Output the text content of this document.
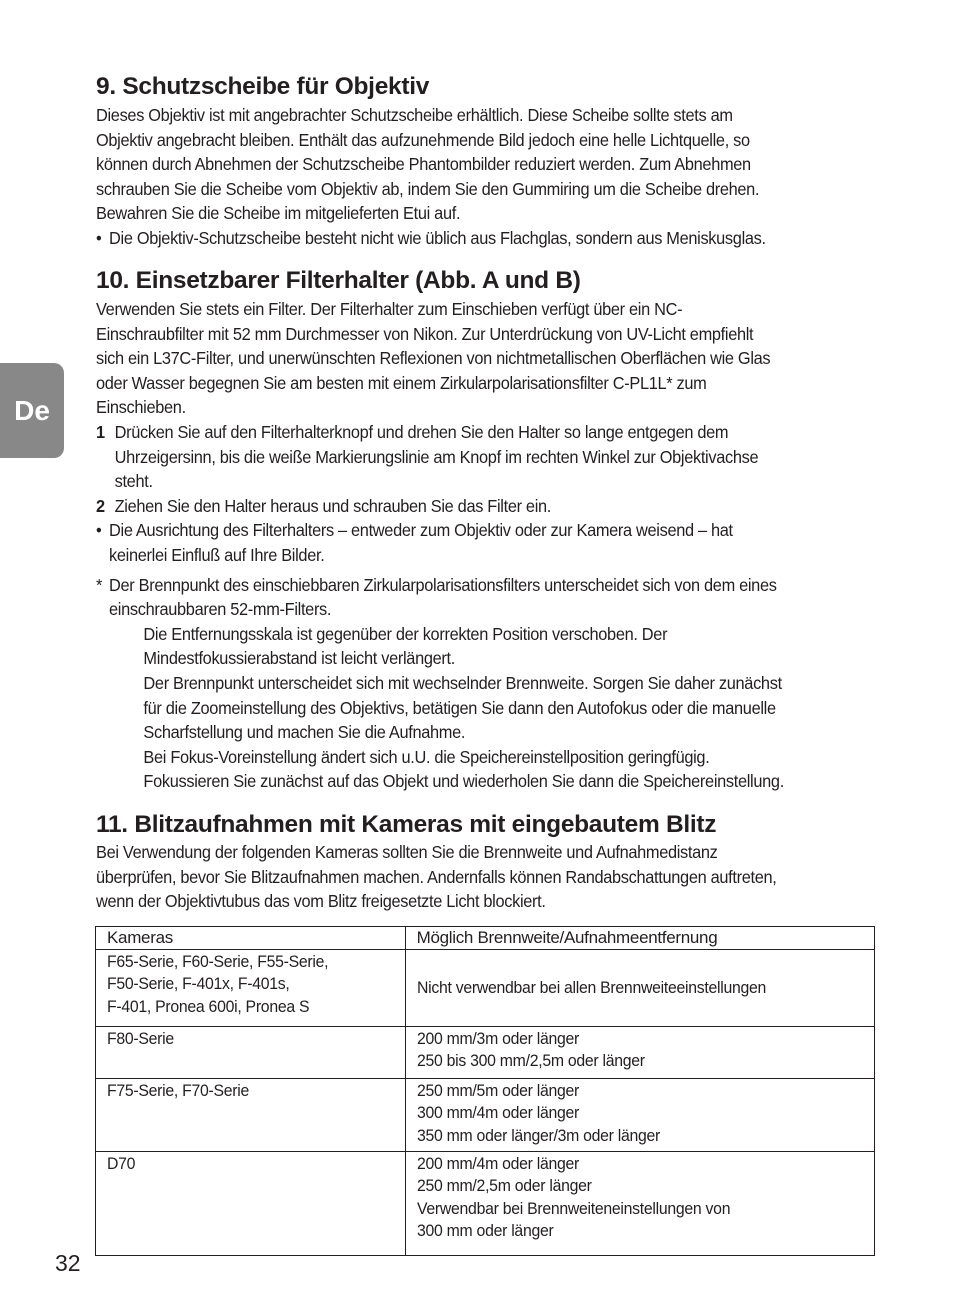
De
9. Schutzscheibe für Objektiv
Dieses Objektiv ist mit angebrachter Schutzscheibe erhältlich. Diese Scheibe sollte stets am
Objektiv angebracht bleiben. Enthält das aufzunehmende Bild jedoch eine helle Lichtquelle, so
können durch Abnehmen der Schutzscheibe Phantombilder reduziert werden. Zum Abnehmen
schrauben Sie die Scheibe vom Objektiv ab, indem Sie den Gummiring um die Scheibe drehen.
Bewahren Sie die Scheibe im mitgelieferten Etui auf.
• Die Objektiv-Schutzscheibe besteht nicht wie üblich aus Flachglas, sondern aus Meniskusglas.
10. Einsetzbarer Filterhalter (Abb. A und B)
Verwenden Sie stets ein Filter. Der Filterhalter zum Einschieben verfügt über ein NC-
Einschraubfilter mit 52 mm Durchmesser von Nikon. Zur Unterdrückung von UV-Licht empfiehlt
sich ein L37C-Filter, und unerwünschten Reflexionen von nichtmetallischen Oberflächen wie Glas
oder Wasser begegnen Sie am besten mit einem Zirkularpolarisationsfilter C-PL1L* zum
Einschieben.
1 Drücken Sie auf den Filterhalterknopf und drehen Sie den Halter so lange entgegen dem
Uhrzeigersinn, bis die weiße Markierungslinie am Knopf im rechten Winkel zur Objektivachse
steht.
2 Ziehen Sie den Halter heraus und schrauben Sie das Filter ein.
• Die Ausrichtung des Filterhalters – entweder zum Objektiv oder zur Kamera weisend – hat
keinerlei Einfluß auf Ihre Bilder.
* Der Brennpunkt des einschiebbaren Zirkularpolarisationsfilters unterscheidet sich von dem eines
einschraubbaren 52-mm-Filters.
Die Entfernungsskala ist gegenüber der korrekten Position verschoben. Der
Mindestfokussierabstand ist leicht verlängert.
Der Brennpunkt unterscheidet sich mit wechselnder Brennweite. Sorgen Sie daher zunächst
für die Zoomeinstellung des Objektivs, betätigen Sie dann den Autofokus oder die manuelle
Scharfstellung und machen Sie die Aufnahme.
Bei Fokus-Voreinstellung ändert sich u.U. die Speichereinstellposition geringfügig.
Fokussieren Sie zunächst auf das Objekt und wiederholen Sie dann die Speichereinstellung.
11. Blitzaufnahmen mit Kameras mit eingebautem Blitz
Bei Verwendung der folgenden Kameras sollten Sie die Brennweite und Aufnahmedistanz
überprüfen, bevor Sie Blitzaufnahmen machen. Andernfalls können Randabschattungen auftreten,
wenn der Objektivtubus das vom Blitz freigesetzte Licht blockiert.
Kameras	Möglich Brennweite/Aufnahmeentfernung

F65-Serie, F60-Serie, F55-Serie,
F50-Serie, F-401x, F-401s,
F-401, Pronea 600i, Pronea S	Nicht verwendbar bei allen Brennweiteeinstellungen

F80-Serie	200 mm/3m oder länger
250 bis 300 mm/2,5m oder länger

F75-Serie, F70-Serie	250 mm/5m oder länger
300 mm/4m oder länger
350 mm oder länger/3m oder länger

D70	200 mm/4m oder länger
250 mm/2,5m oder länger
Verwendbar bei Brennweiteneinstellungen von
300 mm oder länger
32
